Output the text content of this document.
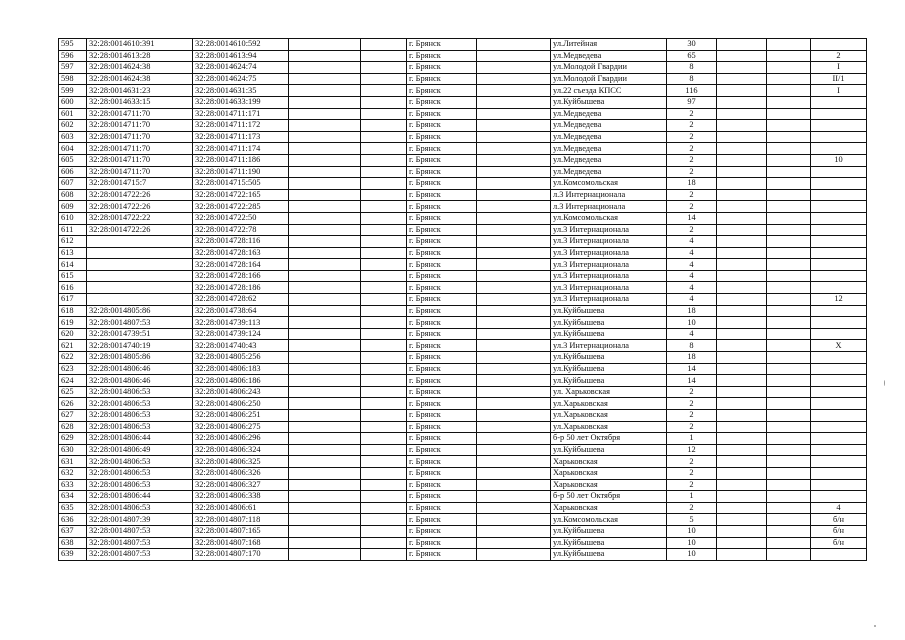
595	32:28:0014610:391	32:28:0014610:592			г. Брянск		ул.Литейная	30			
596	32:28:0014613:28	32:28:0014613:94			г. Брянск		ул.Медведева	65			2
597	32:28:0014624:38	32:28:0014624:74			г. Брянск		ул.Молодой Гвардии	8			I
598	32:28:0014624:38	32:28:0014624:75			г. Брянск		ул.Молодой Гвардии	8			II/1
599	32:28:0014631:23	32:28:0014631:35			г. Брянск		ул.22 съезда КПСС	116			I
600	32:28:0014633:15	32:28:0014633:199			г. Брянск		ул.Куйбышева	97			
601	32:28:0014711:70	32:28:0014711:171			г. Брянск		ул.Медведева	2			
602	32:28:0014711:70	32:28:0014711:172			г. Брянск		ул.Медведева	2			
603	32:28:0014711:70	32:28:0014711:173			г. Брянск		ул.Медведева	2			
604	32:28:0014711:70	32:28:0014711:174			г. Брянск		ул.Медведева	2			
605	32:28:0014711:70	32:28:0014711:186			г. Брянск		ул.Медведева	2			10
606	32:28:0014711:70	32:28:0014711:190			г. Брянск		ул.Медведева	2			
607	32:28:0014715:7	32:28:0014715:505			г. Брянск		ул.Комсомольская	18			
608	32:28:0014722:26	32:28:0014722:165			г. Брянск		л.3 Интернационала	2			
609	32:28:0014722:26	32:28:0014722:285			г. Брянск		л.3 Интернационала	2			
610	32:28:0014722:22	32:28:0014722:50			г. Брянск		ул.Комсомольская	14			
611	32:28:0014722:26	32:28:0014722:78			г. Брянск		ул.3 Интернационала	2			
612		32:28:0014728:116			г. Брянск		ул.3 Интернационала	4			
613		32:28:0014728:163			г. Брянск		ул.3 Интернационала	4			
614		32:28:0014728:164			г. Брянск		ул.3 Интернационала	4			
615		32:28:0014728:166			г. Брянск		ул.3 Интернационала	4			
616		32:28:0014728:186			г. Брянск		ул.3 Интернационала	4			
617		32:28:0014728:62			г. Брянск		ул.3 Интернационала	4			12
618	32:28:0014805:86	32:28:0014738:64			г. Брянск		ул.Куйбышева	18			
619	32:28:0014807:53	32:28:0014739:113			г. Брянск		ул.Куйбышева	10			
620	32:28:0014739:51	32:28:0014739:124			г. Брянск		ул.Куйбышева	4			
621	32:28:0014740:19	32:28:0014740:43			г. Брянск		ул.3 Интернационала	8			X
622	32:28:0014805:86	32:28:0014805:256			г. Брянск		ул.Куйбышева	18			
623	32:28:0014806:46	32:28:0014806:183			г. Брянск		ул.Куйбышева	14			
624	32:28:0014806:46	32:28:0014806:186			г. Брянск		ул.Куйбышева	14			
625	32:28:0014806:53	32:28:0014806:243			г. Брянск		ул. Харьковская	2			
626	32:28:0014806:53	32:28:0014806:250			г. Брянск		ул.Харьковская	2			
627	32:28:0014806:53	32:28:0014806:251			г. Брянск		ул.Харьковская	2			
628	32:28:0014806:53	32:28:0014806:275			г. Брянск		ул.Харьковская	2			
629	32:28:0014806:44	32:28:0014806:296			г. Брянск		б-р 50 лет Октября	1			
630	32:28:0014806:49	32:28:0014806:324			г. Брянск		ул.Куйбышева	12			
631	32:28:0014806:53	32:28:0014806:325			г. Брянск		Харьковская	2			
632	32:28:0014806:53	32:28:0014806:326			г. Брянск		Харьковская	2			
633	32:28:0014806:53	32:28:0014806:327			г. Брянск		Харьковская	2			
634	32:28:0014806:44	32:28:0014806:338			г. Брянск		б-р 50 лет Октября	1			
635	32:28:0014806:53	32:28:0014806:61			г. Брянск		Харьковская	2			4
636	32:28:0014807:39	32:28:0014807:118			г. Брянск		ул.Комсомольская	5			б/н
637	32:28:0014807:53	32:28:0014807:165			г. Брянск		ул.Куйбышева	10			б/н
638	32:28:0014807:53	32:28:0014807:168			г. Брянск		ул.Куйбышева	10			б/н
639	32:28:0014807:53	32:28:0014807:170			г. Брянск		ул.Куйбышева	10			
